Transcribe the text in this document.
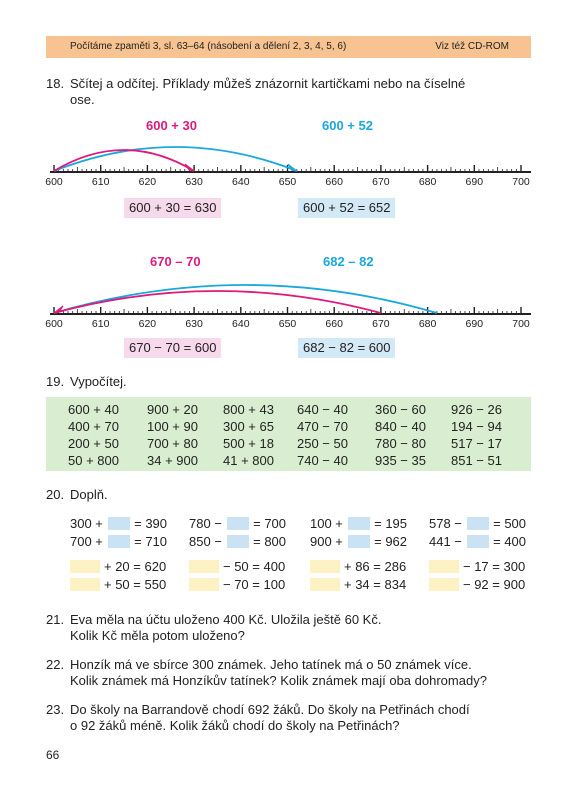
Počítáme zpaměti 3, sl. 63–64 (násobení a dělení 2, 3, 4, 5, 6)	Viz též CD-ROM
18. Sčítej a odčítej. Příklady můžeš znázornit kartičkami nebo na číselné
ose.
600 + 30	600 + 52
600	610	620	630	640	650	660	670	680	690	700
600 + 30 = 630	600 + 52 = 652
670 – 70	682 – 82
600	610	620	630	640	650	660	670	680	690	700
670 − 70 = 600	682 − 82 = 600
19. Vypočítej.
600 + 40 900 + 20 800 + 43 640 − 40 360 − 60 926 − 26
400 + 70 100 + 90 300 + 65 470 − 70 840 − 40 194 − 94
200 + 50 700 + 80 500 + 18 250 − 50 780 − 80 517 − 17
50 + 800 34 + 900 41 + 800 740 − 40 935 − 35 851 − 51
20. Doplň.
300 +  = 390 780 −  = 700 100 +  = 195 578 −  = 500
700 +  = 710 850 −  = 800 900 +  = 962 441 −  = 400
+ 20 = 620	− 50 = 400	+ 86 = 286	− 17 = 300
+ 50 = 550	− 70 = 100	+ 34 = 834	− 92 = 900
21. Eva měla na účtu uloženo 400 Kč. Uložila ještě 60 Kč.
Kolik Kč měla potom uloženo?
22. Honzík má ve sbírce 300 známek. Jeho tatínek má o 50 známek více.
Kolik známek má Honzíkův tatínek? Kolik známek mají oba dohromady?
23. Do školy na Barrandově chodí 692 žáků. Do školy na Petřinách chodí
o 92 žáků méně. Kolik žáků chodí do školy na Petřinách?
66
